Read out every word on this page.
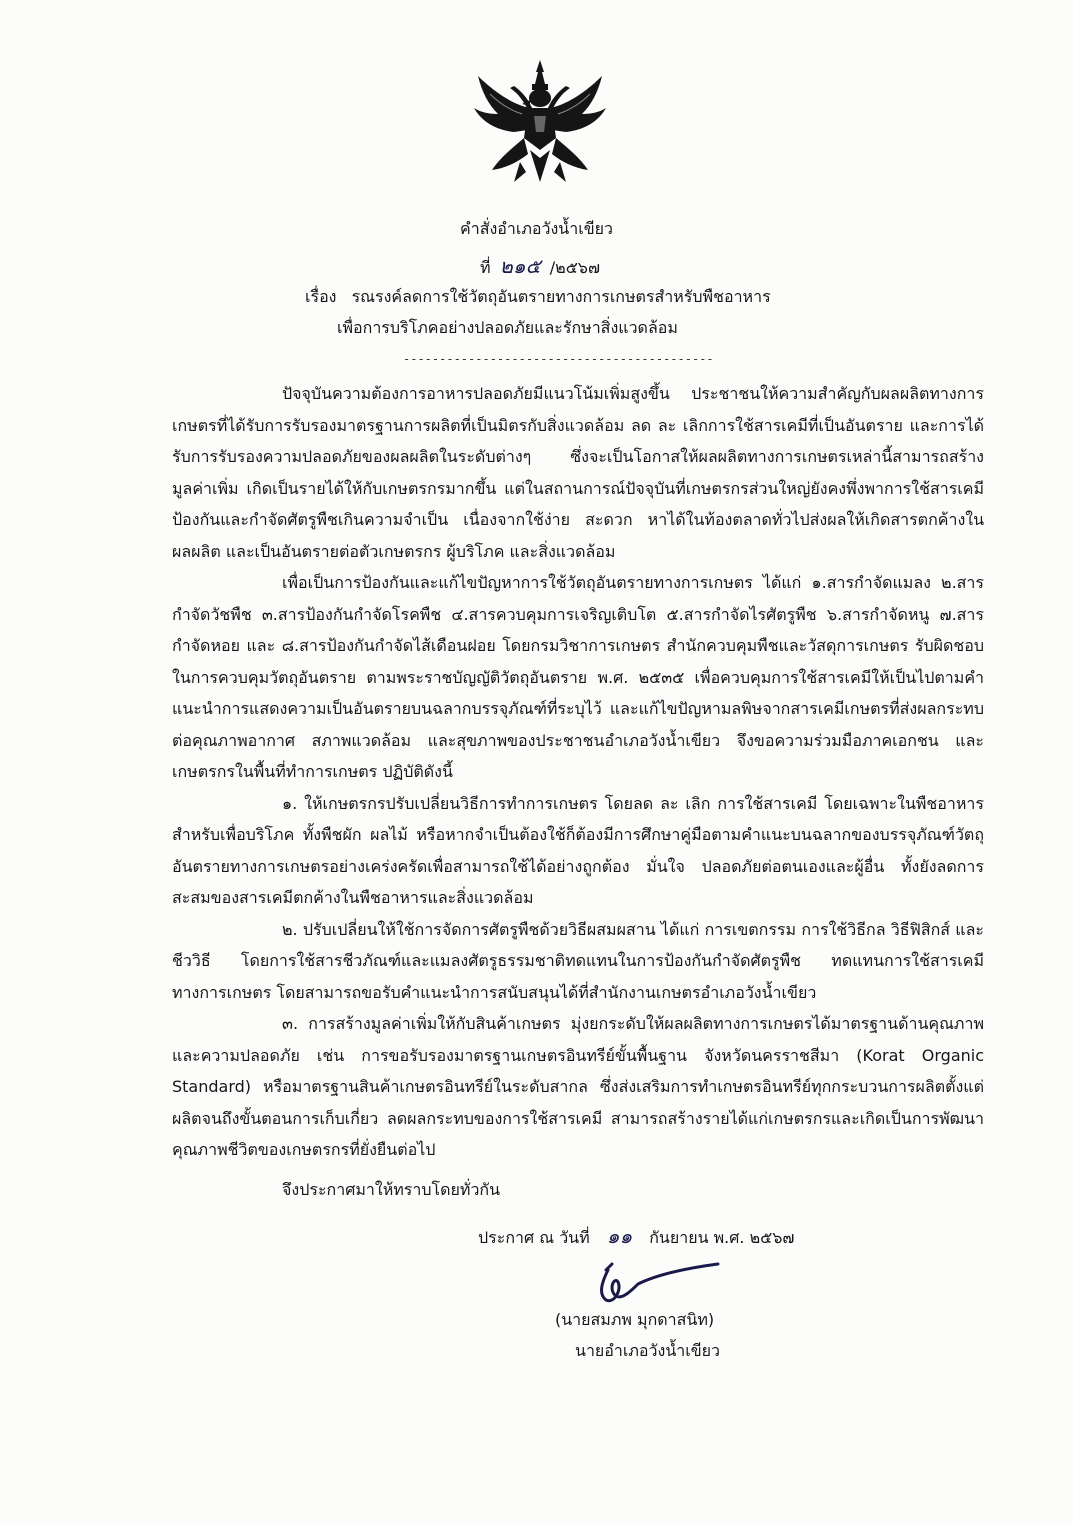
คำสั่งอำเภอวังน้ำเขียว
ที่ ๒๑๕ /๒๕๖๗
เรื่อง รณรงค์ลดการใช้วัตถุอันตรายทางการเกษตรสำหรับพืชอาหาร
เพื่อการบริโภคอย่างปลอดภัยและรักษาสิ่งแวดล้อม
-------------------------------------------

ปัจจุบันความต้องการอาหารปลอดภัยมีแนวโน้มเพิ่มสูงขึ้น ประชาชนให้ความสำคัญกับผลผลิตทางการเกษตรที่ได้รับการรับรองมาตรฐานการผลิตที่เป็นมิตรกับสิ่งแวดล้อม ลด ละ เลิกการใช้สารเคมีที่เป็นอันตราย และการได้รับการรับรองความปลอดภัยของผลผลิตในระดับต่างๆ ซึ่งจะเป็นโอกาสให้ผลผลิตทางการเกษตรเหล่านี้สามารถสร้างมูลค่าเพิ่ม เกิดเป็นรายได้ให้กับเกษตรกรมากขึ้น แต่ในสถานการณ์ปัจจุบันที่เกษตรกรส่วนใหญ่ยังคงพึ่งพาการใช้สารเคมีป้องกันและกำจัดศัตรูพืชเกินความจำเป็น เนื่องจากใช้ง่าย สะดวก หาได้ในท้องตลาดทั่วไปส่งผลให้เกิดสารตกค้างในผลผลิต และเป็นอันตรายต่อตัวเกษตรกร ผู้บริโภค และสิ่งแวดล้อม

เพื่อเป็นการป้องกันและแก้ไขปัญหาการใช้วัตถุอันตรายทางการเกษตร ได้แก่ ๑.สารกำจัดแมลง ๒.สารกำจัดวัชพืช ๓.สารป้องกันกำจัดโรคพืช ๔.สารควบคุมการเจริญเติบโต ๕.สารกำจัดไรศัตรูพืช ๖.สารกำจัดหนู ๗.สารกำจัดหอย และ ๘.สารป้องกันกำจัดไส้เดือนฝอย โดยกรมวิชาการเกษตร สำนักควบคุมพืชและวัสดุการเกษตร รับผิดชอบในการควบคุมวัตถุอันตราย ตามพระราชบัญญัติวัตถุอันตราย พ.ศ. ๒๕๓๕ เพื่อควบคุมการใช้สารเคมีให้เป็นไปตามคำแนะนำการแสดงความเป็นอันตรายบนฉลากบรรจุภัณฑ์ที่ระบุไว้ และแก้ไขปัญหามลพิษจากสารเคมีเกษตรที่ส่งผลกระทบต่อคุณภาพอากาศ สภาพแวดล้อม และสุขภาพของประชาชนอำเภอวังน้ำเขียว จึงขอความร่วมมือภาคเอกชน และเกษตรกรในพื้นที่ทำการเกษตร ปฏิบัติดังนี้

๑. ให้เกษตรกรปรับเปลี่ยนวิธีการทำการเกษตร โดยลด ละ เลิก การใช้สารเคมี โดยเฉพาะในพืชอาหารสำหรับเพื่อบริโภค ทั้งพืชผัก ผลไม้ หรือหากจำเป็นต้องใช้ก็ต้องมีการศึกษาคู่มือตามคำแนะบนฉลากของบรรจุภัณฑ์วัตถุอันตรายทางการเกษตรอย่างเคร่งครัดเพื่อสามารถใช้ได้อย่างถูกต้อง มั่นใจ ปลอดภัยต่อตนเองและผู้อื่น ทั้งยังลดการสะสมของสารเคมีตกค้างในพืชอาหารและสิ่งแวดล้อม

๒. ปรับเปลี่ยนให้ใช้การจัดการศัตรูพืชด้วยวิธีผสมผสาน ได้แก่ การเขตกรรม การใช้วิธีกล วิธีฟิสิกส์ และชีววิธี โดยการใช้สารชีวภัณฑ์และแมลงศัตรูธรรมชาติทดแทนในการป้องกันกำจัดศัตรูพืช ทดแทนการใช้สารเคมีทางการเกษตร โดยสามารถขอรับคำแนะนำการสนับสนุนได้ที่สำนักงานเกษตรอำเภอวังน้ำเขียว

๓. การสร้างมูลค่าเพิ่มให้กับสินค้าเกษตร มุ่งยกระดับให้ผลผลิตทางการเกษตรได้มาตรฐานด้านคุณภาพและความปลอดภัย เช่น การขอรับรองมาตรฐานเกษตรอินทรีย์ขั้นพื้นฐาน จังหวัดนครราชสีมา (Korat Organic Standard) หรือมาตรฐานสินค้าเกษตรอินทรีย์ในระดับสากล ซึ่งส่งเสริมการทำเกษตรอินทรีย์ทุกกระบวนการผลิตตั้งแต่ผลิตจนถึงขั้นตอนการเก็บเกี่ยว ลดผลกระทบของการใช้สารเคมี สามารถสร้างรายได้แก่เกษตรกรและเกิดเป็นการพัฒนาคุณภาพชีวิตของเกษตรกรที่ยั่งยืนต่อไป

จึงประกาศมาให้ทราบโดยทั่วกัน
ประกาศ ณ วันที่ ๑๑ กันยายน พ.ศ. ๒๕๖๗
(นายสมภพ มุกดาสนิท)
นายอำเภอวังน้ำเขียว
